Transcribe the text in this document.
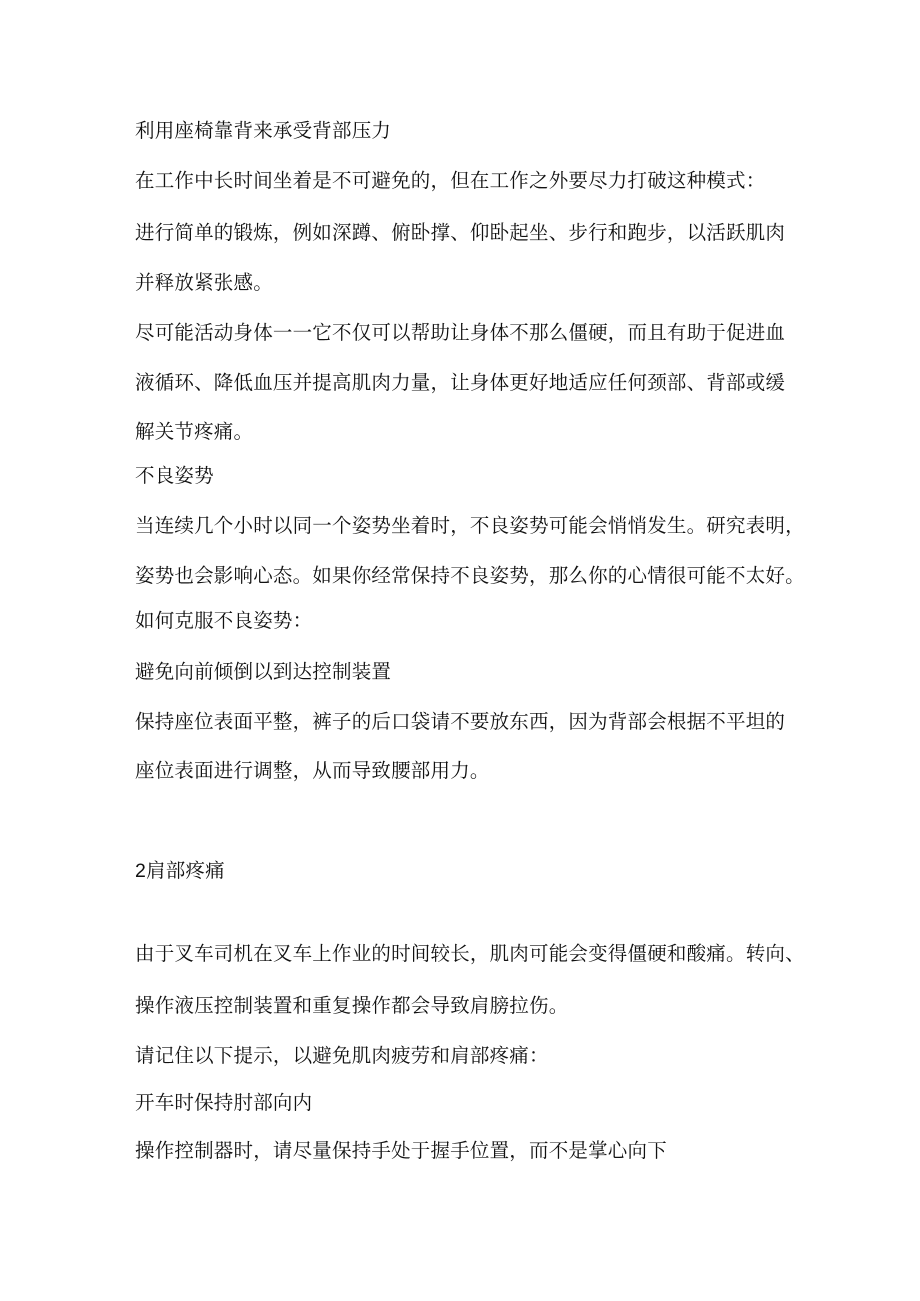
利用座椅靠背来承受背部压力
在工作中长时间坐着是不可避免的，但在工作之外要尽力打破这种模式：
进行简单的锻炼，例如深蹲、俯卧撑、仰卧起坐、步行和跑步，以活跃肌肉
并释放紧张感。
尽可能活动身体一一它不仅可以帮助让身体不那么僵硬，而且有助于促进血
液循环、降低血压并提高肌肉力量，让身体更好地适应任何颈部、背部或缓
解关节疼痛。
不良姿势
当连续几个小时以同一个姿势坐着时，不良姿势可能会悄悄发生。研究表明，
姿势也会影响心态。如果你经常保持不良姿势，那么你的心情很可能不太好。
如何克服不良姿势：
避免向前倾倒以到达控制装置
保持座位表面平整，裤子的后口袋请不要放东西，因为背部会根据不平坦的
座位表面进行调整，从而导致腰部用力。
2肩部疼痛
由于叉车司机在叉车上作业的时间较长，肌肉可能会变得僵硬和酸痛。转向、
操作液压控制装置和重复操作都会导致肩膀拉伤。
请记住以下提示，以避免肌肉疲劳和肩部疼痛：
开车时保持肘部向内
操作控制器时，请尽量保持手处于握手位置，而不是掌心向下
